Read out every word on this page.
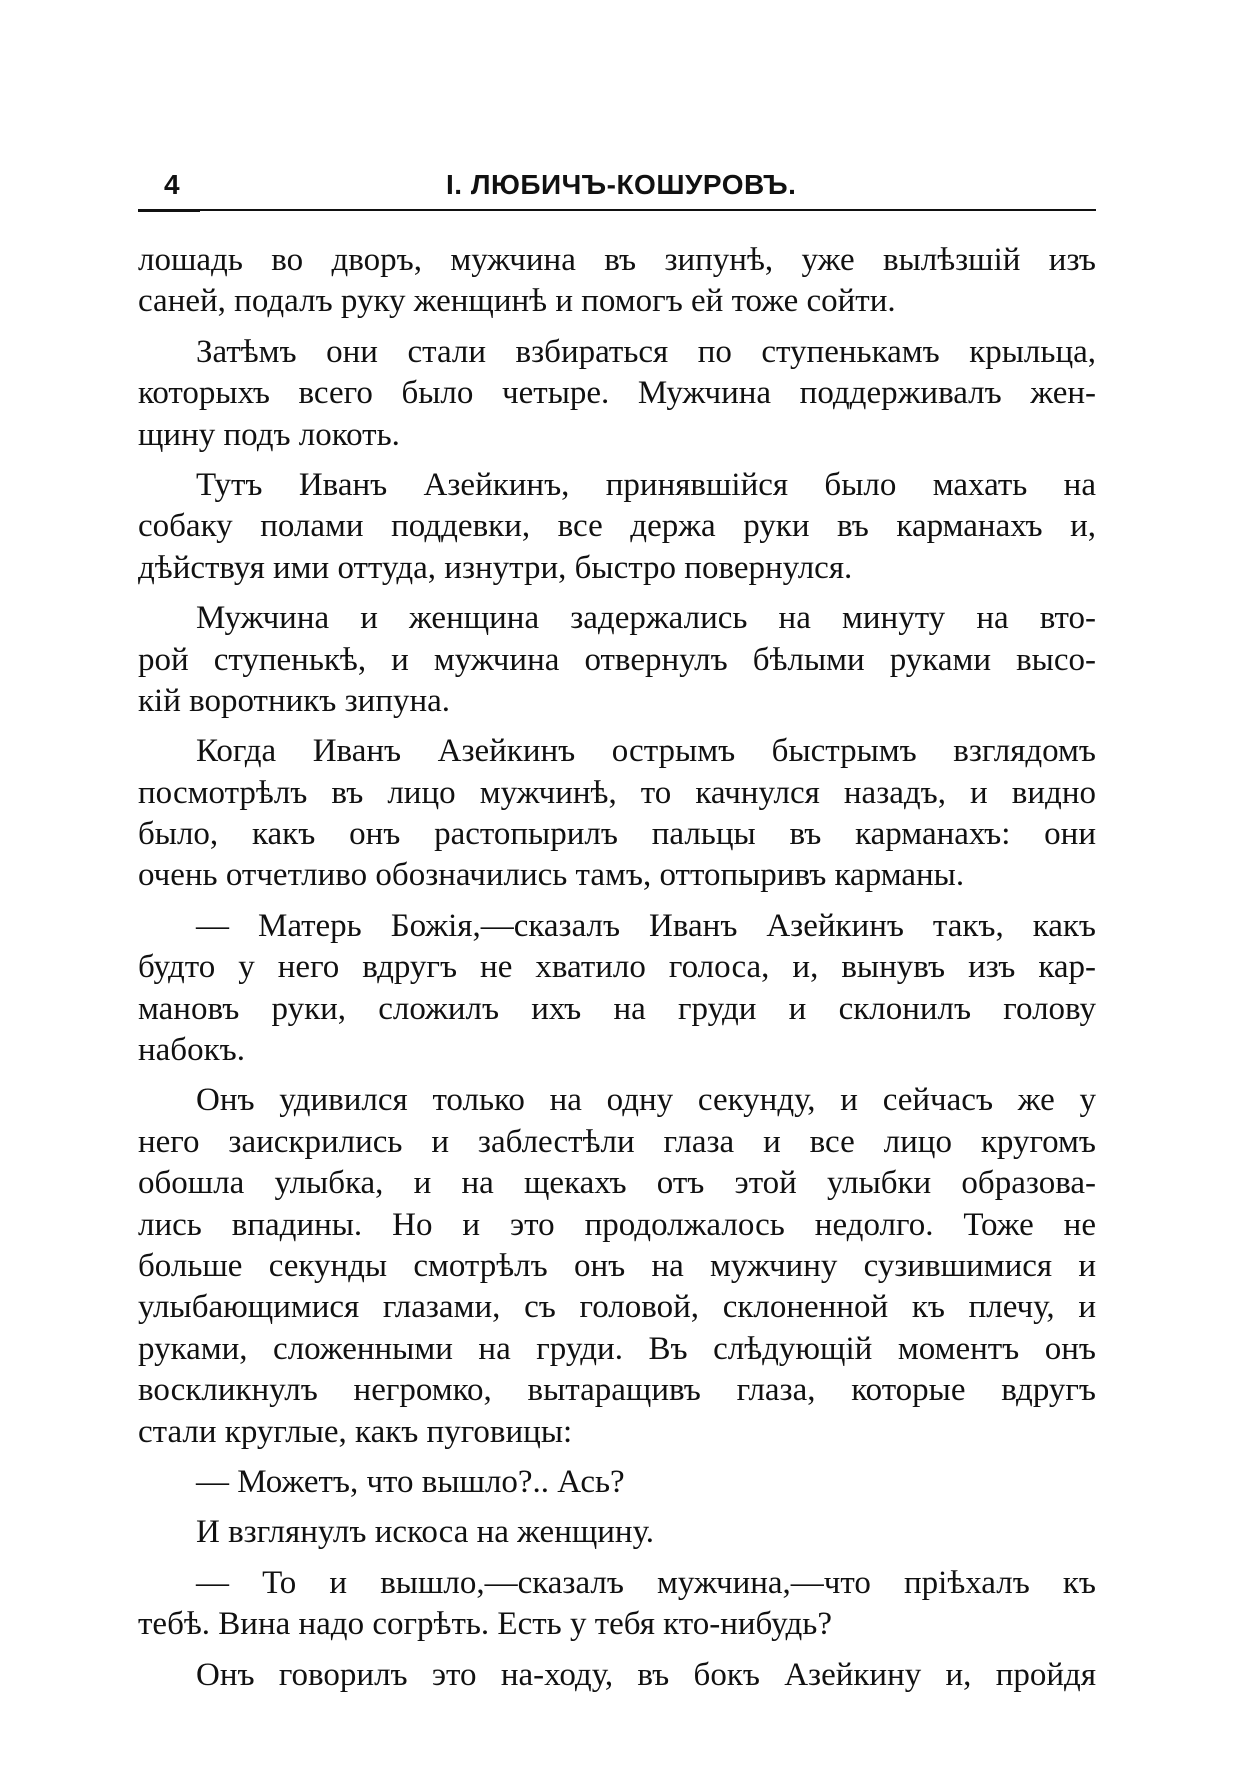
4	I. ЛЮБИЧЪ-КОШУРОВЪ.
лошадь во дворъ, мужчина въ зипунѣ, уже вылѣзшій изъ
саней, подалъ руку женщинѣ и помогъ ей тоже сойти.
Затѣмъ они стали взбираться по ступенькамъ крыльца,
которыхъ всего было четыре. Мужчина поддерживалъ жен-
щину подъ локоть.
Тутъ Иванъ Азейкинъ, принявшійся было махать на
собаку полами поддевки, все держа руки въ карманахъ и,
дѣйствуя ими оттуда, изнутри, быстро повернулся.
Мужчина и женщина задержались на минуту на вто-
рой ступенькѣ, и мужчина отвернулъ бѣлыми руками высо-
кій воротникъ зипуна.
Когда Иванъ Азейкинъ острымъ быстрымъ взглядомъ
посмотрѣлъ въ лицо мужчинѣ, то качнулся назадъ, и видно
было, какъ онъ растопырилъ пальцы въ карманахъ: они
очень отчетливо обозначились тамъ, оттопыривъ карманы.
— Матерь Божія,—сказалъ Иванъ Азейкинъ такъ, какъ
будто у него вдругъ не хватило голоса, и, вынувъ изъ кар-
мановъ руки, сложилъ ихъ на груди и склонилъ голову
набокъ.
Онъ удивился только на одну секунду, и сейчасъ же у
него заискрились и заблестѣли глаза и все лицо кругомъ
обошла улыбка, и на щекахъ отъ этой улыбки образова-
лись впадины. Но и это продолжалось недолго. Тоже не
больше секунды смотрѣлъ онъ на мужчину сузившимися и
улыбающимися глазами, съ головой, склоненной къ плечу, и
руками, сложенными на груди. Въ слѣдующій моментъ онъ
воскликнулъ негромко, вытаращивъ глаза, которые вдругъ
стали круглые, какъ пуговицы:
— Можетъ, что вышло?.. Ась?
И взглянулъ искоса на женщину.
— То и вышло,—сказалъ мужчина,—что пріѣхалъ къ
тебѣ. Вина надо согрѣть. Есть у тебя кто-нибудь?
Онъ говорилъ это на-ходу, въ бокъ Азейкину и, пройдя
